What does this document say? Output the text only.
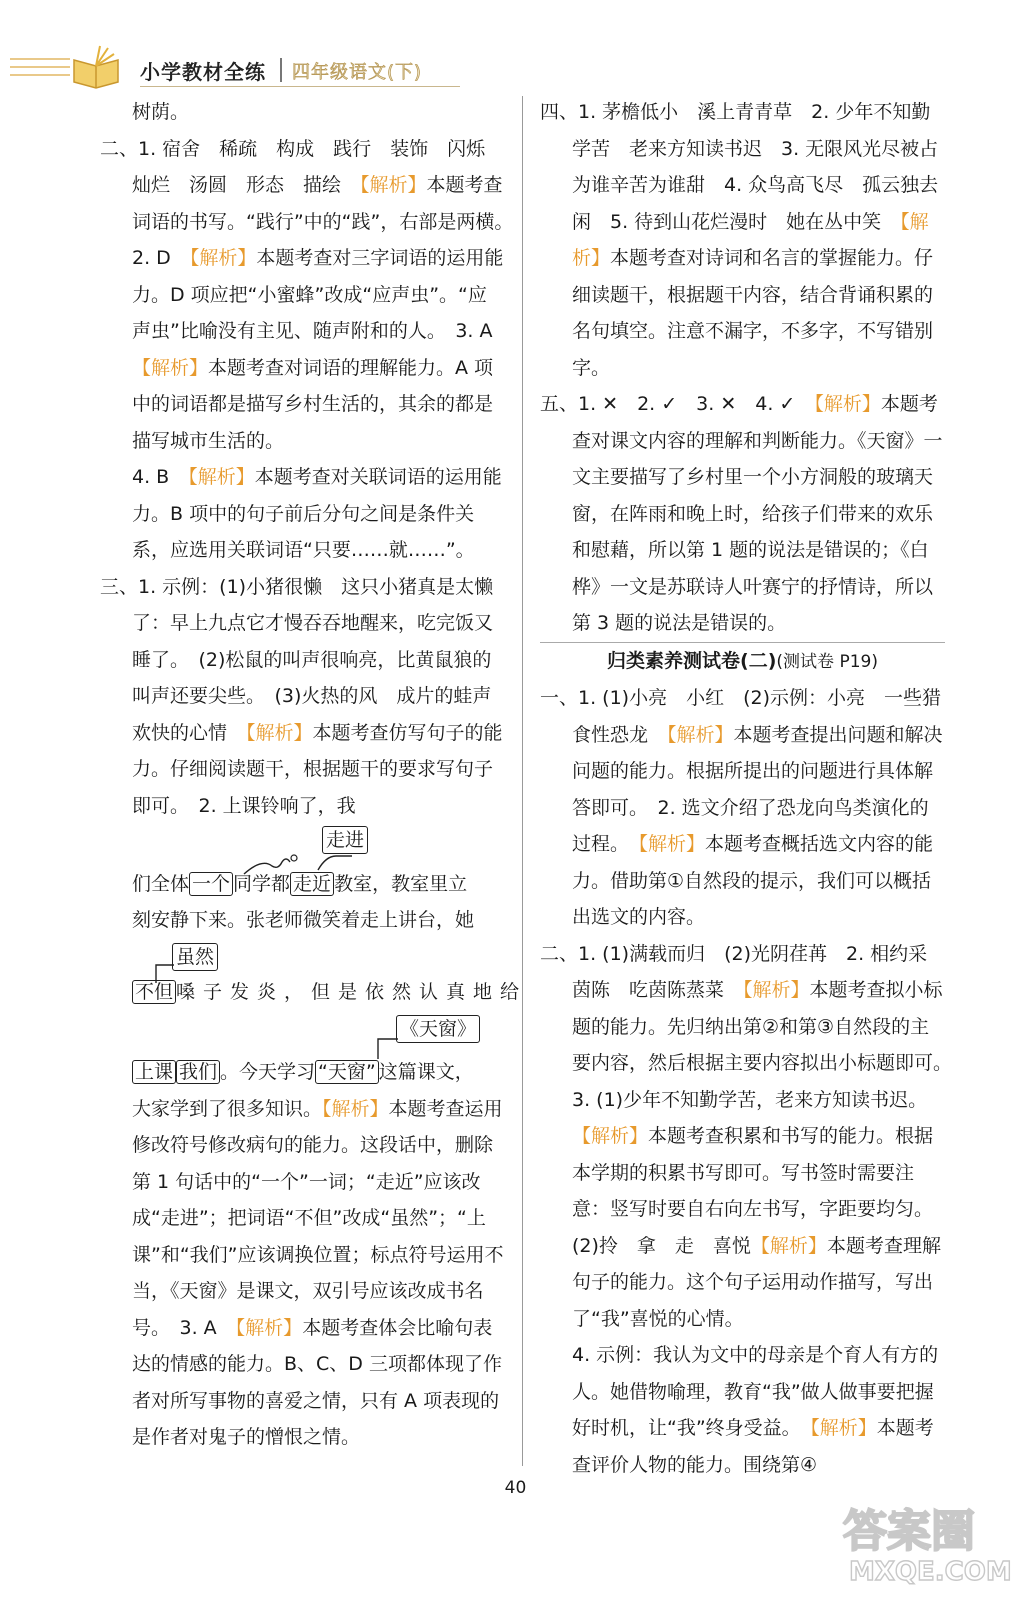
小学教材全练 四年级语文(下)

树荫。

二、1. 宿舍　稀疏　构成　践行　装饰　闪烁
灿烂　汤圆　形态　描绘　【解析】本题考查词语的书写。“践行”中的“践”，右部是两横。　2. D　【解析】本题考查对三字词语的运用能力。D 项应把“小蜜蜂”改成“应声虫”。“应声虫”比喻没有主见、随声附和的人。　3. A　【解析】本题考查对词语的理解能力。A 项中的词语都是描写乡村生活的，其余的都是描写城市生活的。

4. B　【解析】本题考查对关联词语的运用能力。B 项中的句子前后分句之间是条件关系，应选用关联词语“只要……就……”。

三、1. 示例：(1)小猪很懒　这只小猪真是太懒了：早上九点它才慢吞吞地醒来，吃完饭又睡了。　(2)松鼠的叫声很响亮，比黄鼠狼的叫声还要尖些。　(3)火热的风　成片的蛙声　欢快的心情　【解析】本题考查仿写句子的能力。仔细阅读题干，根据题干的要求写句子即可。　2. 上课铃响了，我

走进
们全体 一个 同学都 走近 教室，教室里立

刻安静下来。张老师微笑着走上讲台，她

虽然
不但 嗓子发炎，但是依然认真地给
《天窗》
上课 我们 。今天学习 “天窗” 这篇课文，

大家学到了很多知识。【解析】本题考查运用修改符号修改病句的能力。这段话中，删除第 1 句话中的“一个”一词；“走近”应该改成“走进”；把词语“不但”改成“虽然”；“上课”和“我们”应该调换位置；标点符号运用不当，《天窗》是课文，双引号应该改成书名号。　3. A　【解析】本题考查体会比喻句表达的情感的能力。B、C、D 三项都体现了作者对所写事物的喜爱之情，只有 A 项表现的是作者对鬼子的憎恨之情。

四、1. 茅檐低小　溪上青青草　2. 少年不知勤学苦　老来方知读书迟　3. 无限风光尽被占　为谁辛苦为谁甜　4. 众鸟高飞尽　孤云独去闲　5. 待到山花烂漫时　她在丛中笑　【解析】本题考查对诗词和名言的掌握能力。仔细读题干，根据题干内容，结合背诵积累的名句填空。注意不漏字，不多字，不写错别字。

五、1. ✕　2. ✓　3. ✕　4. ✓　【解析】本题考查对课文内容的理解和判断能力。《天窗》一文主要描写了乡村里一个小方洞般的玻璃天窗，在阵雨和晚上时，给孩子们带来的欢乐和慰藉，所以第 1 题的说法是错误的；《白桦》一文是苏联诗人叶赛宁的抒情诗，所以第 3 题的说法是错误的。

归类素养测试卷(二)(测试卷 P19)

一、1. (1)小亮　小红　(2)示例：小亮　一些猎食性恐龙　【解析】本题考查提出问题和解决问题的能力。根据所提出的问题进行具体解答即可。　2. 选文介绍了恐龙向鸟类演化的过程。　【解析】本题考查概括选文内容的能力。借助第①自然段的提示，我们可以概括出选文的内容。

二、1. (1)满载而归　(2)光阴荏苒　2. 相约采茵陈　吃茵陈蒸菜　【解析】本题考查拟小标题的能力。先归纳出第②和第③自然段的主要内容，然后根据主要内容拟出小标题即可。　3. (1)少年不知勤学苦，老来方知读书迟。　【解析】本题考查积累和书写的能力。根据本学期的积累书写即可。写书签时需要注意：竖写时要自右向左书写，字距要均匀。　(2)拎　拿　走　喜悦【解析】本题考查理解句子的能力。这个句子运用动作描写，写出了“我”喜悦的心情。

4. 示例：我认为文中的母亲是个育人有方的人。她借物喻理，教育“我”做人做事要把握好时机，让“我”终身受益。　【解析】本题考查评价人物的能力。围绕第④

40
答案圈
MXQE.COM
